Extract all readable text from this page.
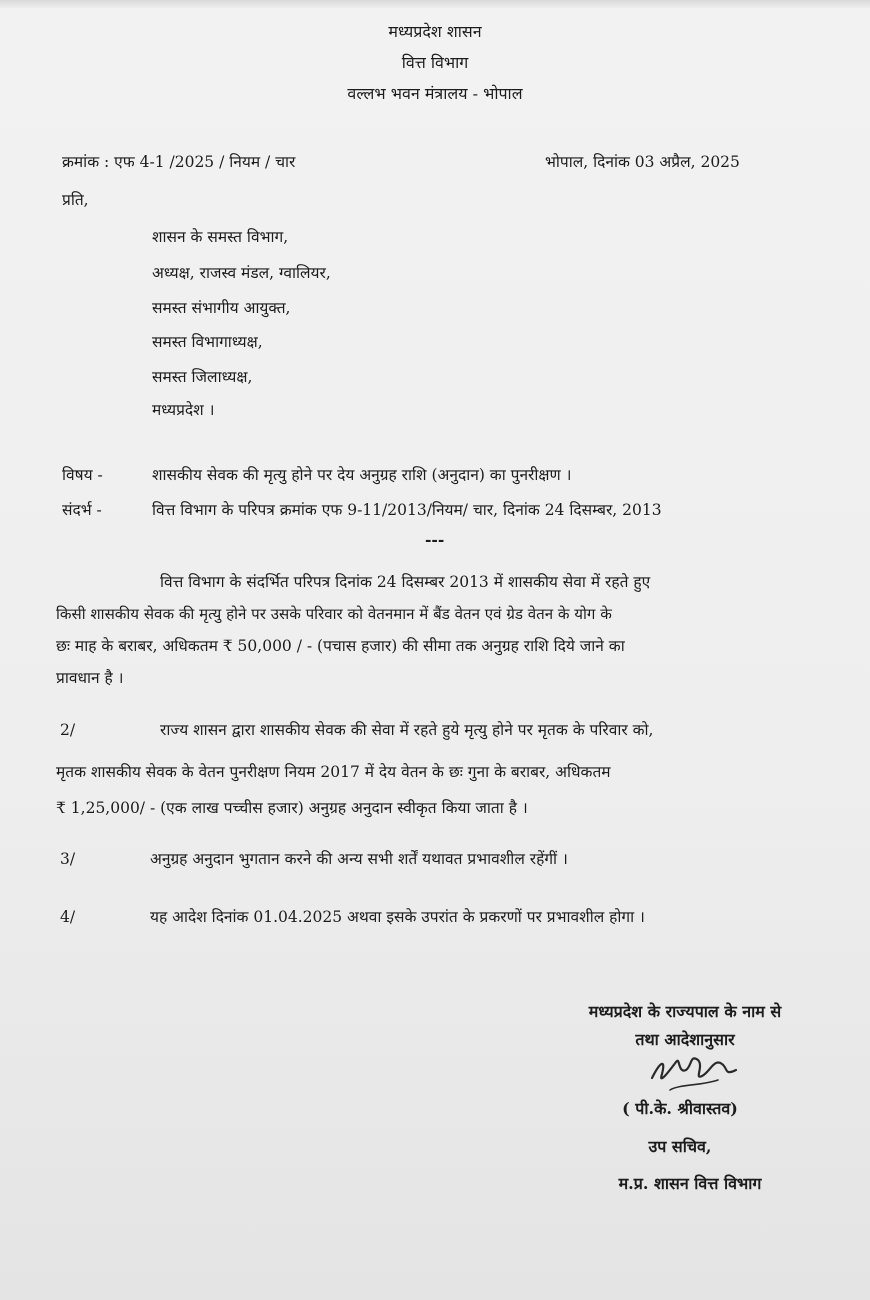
मध्यप्रदेश शासन
वित्त विभाग
वल्लभ भवन मंत्रालय - भोपाल
क्रमांक : एफ 4-1 /2025 / नियम / चार	भोपाल, दिनांक 03 अप्रैल, 2025
प्रति,
शासन के समस्त विभाग,
अध्यक्ष, राजस्व मंडल, ग्वालियर,
समस्त संभागीय आयुक्त,
समस्त विभागाध्यक्ष,
समस्त जिलाध्यक्ष,
मध्यप्रदेश ।
विषय -	शासकीय सेवक की मृत्यु होने पर देय अनुग्रह राशि (अनुदान) का पुनरीक्षण ।
संदर्भ -	वित्त विभाग के परिपत्र क्रमांक एफ 9-11/2013/नियम/ चार, दिनांक 24 दिसम्बर, 2013
---
वित्त विभाग के संदर्भित परिपत्र दिनांक 24 दिसम्बर 2013 में शासकीय सेवा में रहते हुए
किसी शासकीय सेवक की मृत्यु होने पर उसके परिवार को वेतनमान में बैंड वेतन एवं ग्रेड वेतन के योग के
छः माह के बराबर, अधिकतम ₹ 50,000 / - (पचास हजार) की सीमा तक अनुग्रह राशि दिये जाने का
प्रावधान है ।
2/	राज्य शासन द्वारा शासकीय सेवक की सेवा में रहते हुये मृत्यु होने पर मृतक के परिवार को,
मृतक शासकीय सेवक के वेतन पुनरीक्षण नियम 2017 में देय वेतन के छः गुना के बराबर, अधिकतम
₹ 1,25,000/ - (एक लाख पच्चीस हजार) अनुग्रह अनुदान स्वीकृत किया जाता है ।
3/	अनुग्रह अनुदान भुगतान करने की अन्य सभी शर्तें यथावत प्रभावशील रहेंगीं ।
4/	यह आदेश दिनांक 01.04.2025 अथवा इसके उपरांत के प्रकरणों पर प्रभावशील होगा ।
मध्यप्रदेश के राज्यपाल के नाम से
तथा आदेशानुसार
( पी.के. श्रीवास्तव)
उप सचिव,
म.प्र. शासन वित्त विभाग
